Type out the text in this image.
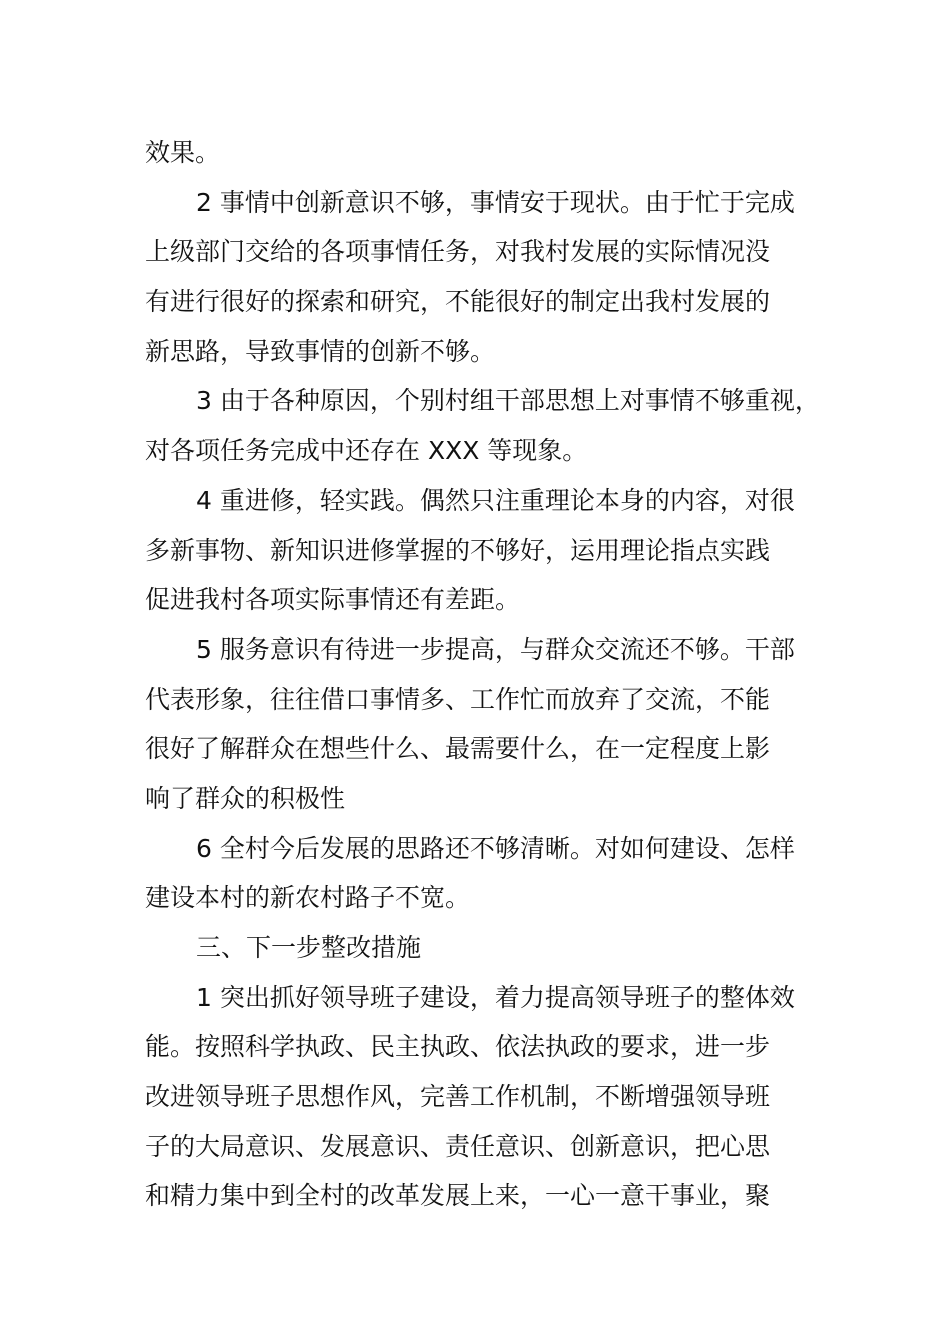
效果。
2 事情中创新意识不够，事情安于现状。由于忙于完成
上级部门交给的各项事情任务，对我村发展的实际情况没
有进行很好的探索和研究，不能很好的制定出我村发展的
新思路，导致事情的创新不够。
3 由于各种原因，个别村组干部思想上对事情不够重视，
对各项任务完成中还存在 XXX 等现象。
4 重进修，轻实践。偶然只注重理论本身的内容，对很
多新事物、新知识进修掌握的不够好，运用理论指点实践
促进我村各项实际事情还有差距。
5 服务意识有待进一步提高，与群众交流还不够。干部
代表形象，往往借口事情多、工作忙而放弃了交流，不能
很好了解群众在想些什么、最需要什么，在一定程度上影
响了群众的积极性
6 全村今后发展的思路还不够清晰。对如何建设、怎样
建设本村的新农村路子不宽。
三、下一步整改措施
1 突出抓好领导班子建设，着力提高领导班子的整体效
能。按照科学执政、民主执政、依法执政的要求，进一步
改进领导班子思想作风，完善工作机制，不断增强领导班
子的大局意识、发展意识、责任意识、创新意识，把心思
和精力集中到全村的改革发展上来，一心一意干事业，聚
